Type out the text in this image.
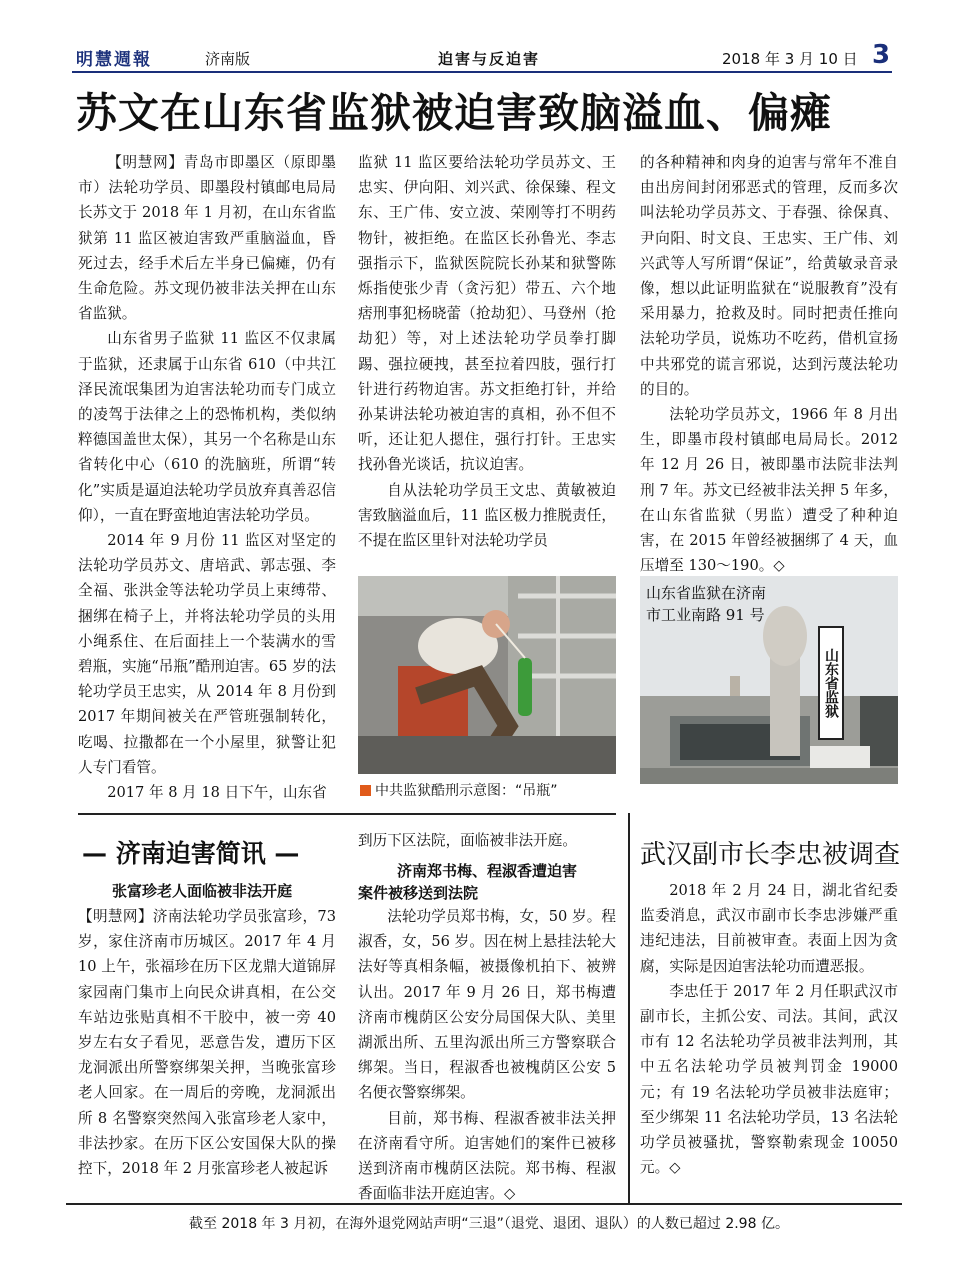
明慧週報	济南版	迫害与反迫害	2018 年 3 月 10 日 3
苏文在山东省监狱被迫害致脑溢血、偏瘫

【明慧网】青岛市即墨区（原即墨市）法轮功学员、即墨段村镇邮电局局长苏文于 2018 年 1 月初，在山东省监狱第 11 监区被迫害致严重脑溢血，昏死过去，经手术后左半身已偏瘫，仍有生命危险。苏文现仍被非法关押在山东省监狱。

山东省男子监狱 11 监区不仅隶属于监狱，还隶属于山东省 610（中共江泽民流氓集团为迫害法轮功而专门成立的凌驾于法律之上的恐怖机构，类似纳粹德国盖世太保），其另一个名称是山东省转化中心（610 的洗脑班，所谓“转化”实质是逼迫法轮功学员放弃真善忍信仰），一直在野蛮地迫害法轮功学员。

2014 年 9 月份 11 监区对坚定的法轮功学员苏文、唐培武、郭志强、李全福、张洪金等法轮功学员上束缚带、捆绑在椅子上，并将法轮功学员的头用小绳系住、在后面挂上一个装满水的雪碧瓶，实施“吊瓶”酷刑迫害。65 岁的法轮功学员王忠实，从 2014 年 8 月份到 2017 年期间被关在严管班强制转化，吃喝、拉撒都在一个小屋里，狱警让犯人专门看管。

2017 年 8 月 18 日下午，山东省

监狱 11 监区要给法轮功学员苏文、王忠实、伊向阳、刘兴武、徐保臻、程文东、王广伟、安立波、荣刚等打不明药物针，被拒绝。在监区长孙鲁光、李志强指示下，监狱医院院长孙某和狱警陈烁指使张少青（贪污犯）带五、六个地痞刑事犯杨晓蕾（抢劫犯）、马登州（抢劫犯）等，对上述法轮功学员拳打脚踢、强拉硬拽，甚至拉着四肢，强行打针进行药物迫害。苏文拒绝打针，并给孙某讲法轮功被迫害的真相，孙不但不听，还让犯人摁住，强行打针。王忠实找孙鲁光谈话，抗议迫害。

自从法轮功学员王文忠、黄敏被迫害致脑溢血后，11 监区极力推脱责任，不提在监区里针对法轮功学员

的各种精神和肉身的迫害与常年不准自由出房间封闭邪恶式的管理，反而多次叫法轮功学员苏文、于春强、徐保真、尹向阳、时文良、王忠实、王广伟、刘兴武等人写所谓“保证”，给黄敏录音录像，想以此证明监狱在“说服教育”没有采用暴力，抢救及时。同时把责任推向法轮功学员，说炼功不吃药，借机宣扬中共邪党的谎言邪说，达到污蔑法轮功的目的。

法轮功学员苏文，1966 年 8 月出生，即墨市段村镇邮电局局长。2012 年 12 月 26 日，被即墨市法院非法判刑 7 年。苏文已经被非法关押 5 年多，在山东省监狱（男监）遭受了种种迫害，在 2015 年曾经被捆绑了 4 天，血压增至 130～190。◇

中共监狱酷刑示意图：“吊瓶”
山东省监狱在济南
市工业南路 91 号
山东省监狱
— 济南迫害简讯 —
张富珍老人面临被非法开庭

【明慧网】济南法轮功学员张富珍，73 岁，家住济南市历城区。2017 年 4 月 10 上午，张福珍在历下区龙鼎大道锦屏家园南门集市上向民众讲真相，在公交车站边张贴真相不干胶中，被一旁 40 岁左右女子看见，恶意告发，遭历下区龙洞派出所警察绑架关押，当晚张富珍老人回家。在一周后的旁晚，龙洞派出所 8 名警察突然闯入张富珍老人家中，非法抄家。在历下区公安国保大队的操控下，2018 年 2 月张富珍老人被起诉

到历下区法院，面临被非法开庭。

济南郑书梅、程淑香遭迫害
案件被移送到法院

法轮功学员郑书梅，女，50 岁。程淑香，女，56 岁。因在树上悬挂法轮大法好等真相条幅，被摄像机拍下、被辨认出。2017 年 9 月 26 日，郑书梅遭济南市槐荫区公安分局国保大队、美里湖派出所、五里沟派出所三方警察联合绑架。当日，程淑香也被槐荫区公安 5 名便衣警察绑架。

目前，郑书梅、程淑香被非法关押在济南看守所。迫害她们的案件已被移送到济南市槐荫区法院。郑书梅、程淑香面临非法开庭迫害。◇

武汉副市长李忠被调查

2018 年 2 月 24 日，湖北省纪委监委消息，武汉市副市长李忠涉嫌严重违纪违法，目前被审查。表面上因为贪腐，实际是因迫害法轮功而遭恶报。

李忠任于 2017 年 2 月任职武汉市副市长，主抓公安、司法。其间，武汉市有 12 名法轮功学员被非法判刑，其中五名法轮功学员被判罚金 19000 元；有 19 名法轮功学员被非法庭审；至少绑架 11 名法轮功学员，13 名法轮功学员被骚扰，警察勒索现金 10050 元。◇

截至 2018 年 3 月初，在海外退党网站声明“三退”（退党、退团、退队）的人数已超过 2.98 亿。
